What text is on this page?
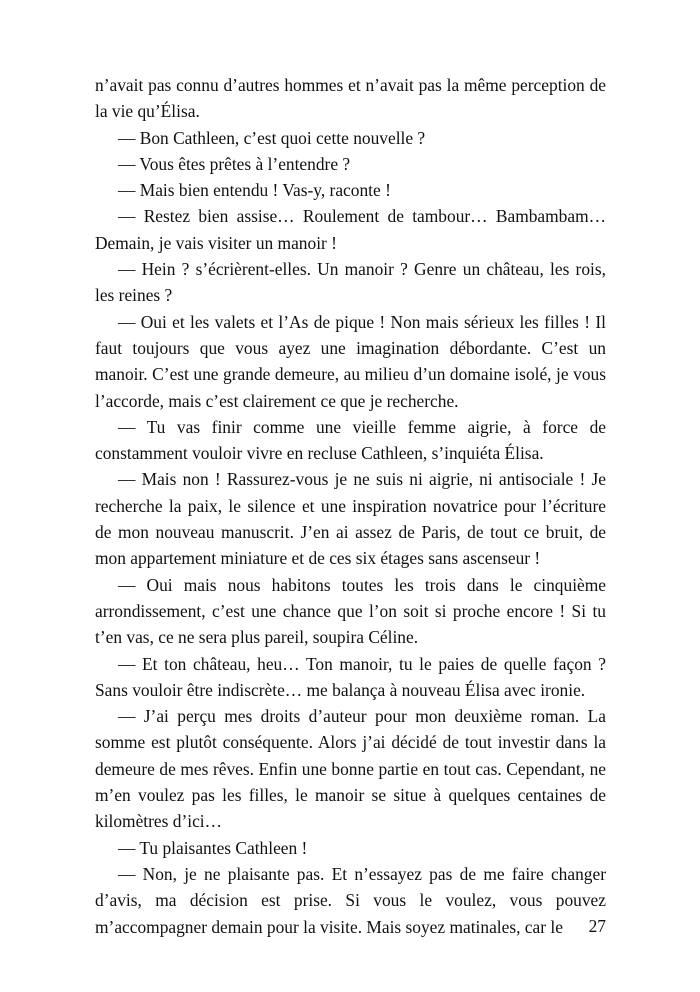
n’avait pas connu d’autres hommes et n’avait pas la même perception de la vie qu’Élisa.

— Bon Cathleen, c’est quoi cette nouvelle ?

— Vous êtes prêtes à l’entendre ?

— Mais bien entendu ! Vas-y, raconte !

— Restez bien assise… Roulement de tambour… Bambambam… Demain, je vais visiter un manoir !

— Hein ? s’écrièrent-elles. Un manoir ? Genre un château, les rois, les reines ?

— Oui et les valets et l’As de pique ! Non mais sérieux les filles ! Il faut toujours que vous ayez une imagination débordante. C’est un manoir. C’est une grande demeure, au milieu d’un domaine isolé, je vous l’accorde, mais c’est clairement ce que je recherche.

— Tu vas finir comme une vieille femme aigrie, à force de constamment vouloir vivre en recluse Cathleen, s’inquiéta Élisa.

— Mais non ! Rassurez-vous je ne suis ni aigrie, ni antisociale ! Je recherche la paix, le silence et une inspiration novatrice pour l’écriture de mon nouveau manuscrit. J’en ai assez de Paris, de tout ce bruit, de mon appartement miniature et de ces six étages sans ascenseur !

— Oui mais nous habitons toutes les trois dans le cinquième arrondissement, c’est une chance que l’on soit si proche encore ! Si tu t’en vas, ce ne sera plus pareil, soupira Céline.

— Et ton château, heu… Ton manoir, tu le paies de quelle façon ? Sans vouloir être indiscrète… me balança à nouveau Élisa avec ironie.

— J’ai perçu mes droits d’auteur pour mon deuxième roman. La somme est plutôt conséquente. Alors j’ai décidé de tout investir dans la demeure de mes rêves. Enfin une bonne partie en tout cas. Cependant, ne m’en voulez pas les filles, le manoir se situe à quelques centaines de kilomètres d’ici…

— Tu plaisantes Cathleen !

— Non, je ne plaisante pas. Et n’essayez pas de me faire changer d’avis, ma décision est prise. Si vous le voulez, vous pouvez m’accompagner demain pour la visite. Mais soyez matinales, car le	27
